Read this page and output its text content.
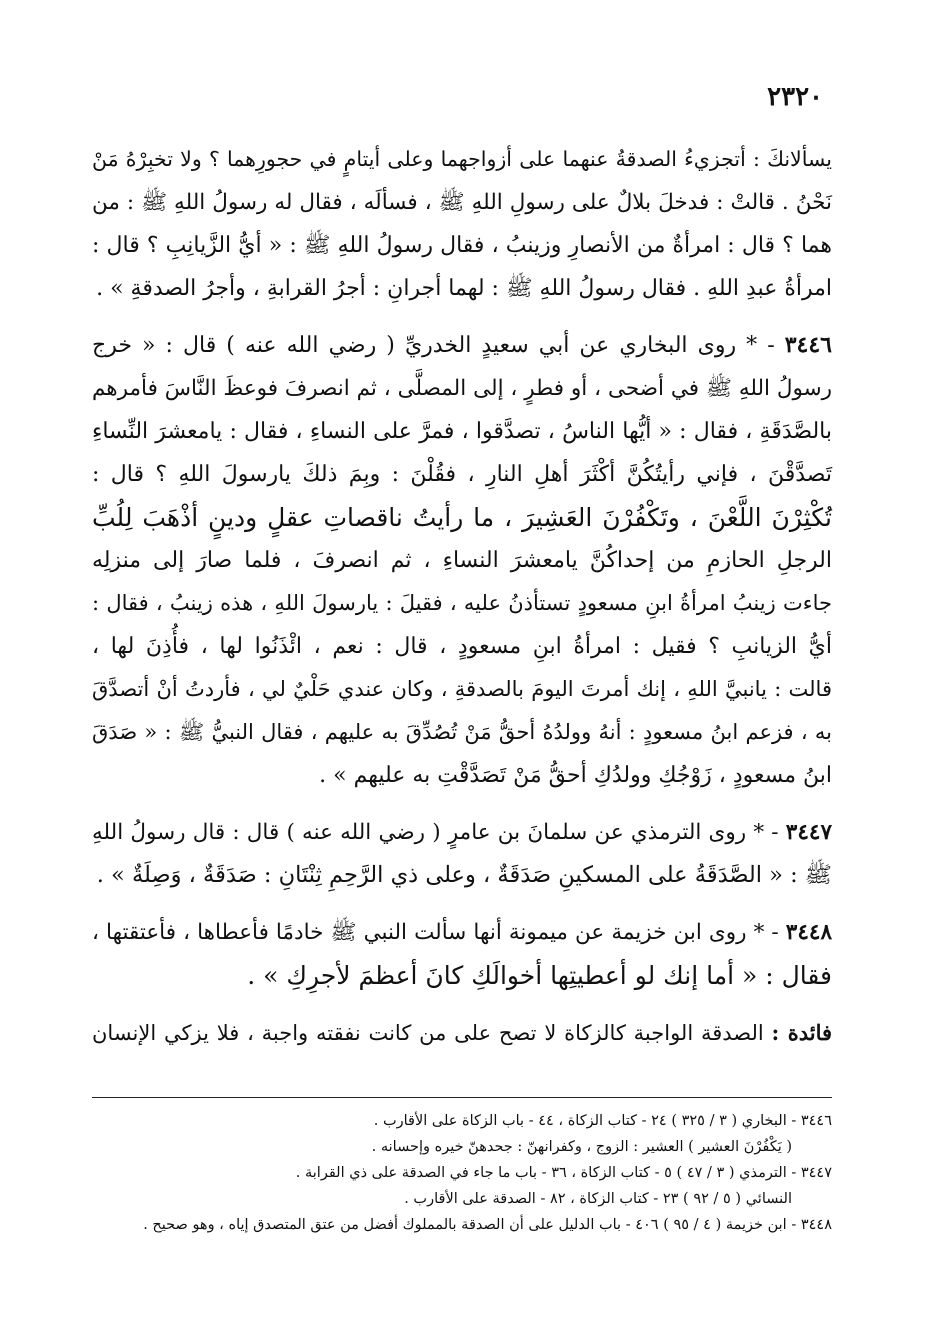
٢٣٢٠
يسألانكَ : أتجزيءُ الصدقةُ عنهما على أزواجهما وعلى أيتامٍ في حجورِهما ؟ ولا تخبِرْهُ مَنْ
نَحْنُ . قالتْ : فدخلَ بلالٌ على رسولِ اللهِ ﷺ ، فسألَه ، فقال له رسولُ اللهِ ﷺ : من
هما ؟ قال : امرأةٌ من الأنصارِ وزينبُ ، فقال رسولُ اللهِ ﷺ : « أيُّ الزَّيانِبِ ؟ قال :
امرأةُ عبدِ اللهِ . فقال رسولُ اللهِ ﷺ : لهما أجرانِ : أجرُ القرابةِ ، وأجرُ الصدقةِ » .
٣٤٤٦ - * روى البخاري عن أبي سعيدٍ الخدريِّ ( رضي الله عنه ) قال : « خرج
رسولُ اللهِ ﷺ في أضحى ، أو فطرٍ ، إلى المصلَّى ، ثم انصرفَ فوعظَ النَّاسَ فأمرهم
بالصَّدَقَةِ ، فقال : « أيُّها الناسُ ، تصدَّقوا ، فمرَّ على النساءِ ، فقال : يامعشرَ النِّساءِ
تَصدَّقْنَ ، فإني رأيتُكُنَّ أكْثَرَ أهلِ النارِ ، فقُلْنَ : وبِمَ ذلكَ يارسولَ اللهِ ؟ قال :
تُكْثِرْنَ اللَّعْنَ ، وتَكْفُرْنَ العَشِيرَ ، ما رأيتُ ناقصاتِ عقلٍ ودينٍ أذْهَبَ لِلُبِّ
الرجلِ الحازمِ من إحداكُنَّ يامعشرَ النساءِ ، ثم انصرفَ ، فلما صارَ إلى منزلِه
جاءت زينبُ امرأةُ ابنِ مسعودٍ تستأذنُ عليه ، فقيلَ : يارسولَ اللهِ ، هذه زينبُ ، فقال :
أيُّ الزيانبِ ؟ فقيل : امرأةُ ابنِ مسعودٍ ، قال : نعم ، ائْذَنُوا لها ، فأُذِنَ لها ،
قالت : يانبيَّ اللهِ ، إنك أمرتَ اليومَ بالصدقةِ ، وكان عندي حَلْيٌ لي ، فأردتُ أنْ أتصدَّقَ
به ، فزعم ابنُ مسعودٍ : أنهُ وولدُهُ أحقُّ مَنْ تُصُدِّقَ به عليهم ، فقال النبيُّ ﷺ : « صَدَقَ
ابنُ مسعودٍ ، زَوْجُكِ وولدُكِ أحقُّ مَنْ تَصَدَّقْتِ به عليهم » .
٣٤٤٧ - * روى الترمذي عن سلمانَ بن عامرٍ ( رضي الله عنه ) قال : قال رسولُ اللهِ
ﷺ : « الصَّدَقَةُ على المسكينِ صَدَقَةٌ ، وعلى ذي الرَّحِمِ ثِنْتَانِ : صَدَقَةٌ ، وَصِلَةٌ » .
٣٤٤٨ - * روى ابن خزيمة عن ميمونة أنها سألت النبي ﷺ خادمًا فأعطاها ، فأعتقتها ،
فقال : « أما إنك لو أعطيتِها أخوالَكِ كانَ أعظمَ لأجرِكِ » .
فائدة : الصدقة الواجبة كالزكاة لا تصح على من كانت نفقته واجبة ، فلا يزكي الإنسان
٣٤٤٦ - البخاري ( ٣ / ٣٢٥ ) ٢٤ - كتاب الزكاة ، ٤٤ - باب الزكاة على الأقارب .
( يَكْفُرْنَ العشير ) العشير : الزوج ، وكفرانهنّ : جحدهنّ خيره وإحسانه .
٣٤٤٧ - الترمذي ( ٣ / ٤٧ ) ٥ - كتاب الزكاة ، ٣٦ - باب ما جاء في الصدقة على ذي القرابة .
النسائي ( ٥ / ٩٢ ) ٢٣ - كتاب الزكاة ، ٨٢ - الصدقة على الأقارب .
٣٤٤٨ - ابن خزيمة ( ٤ / ٩٥ ) ٤٠٦ - باب الدليل على أن الصدقة بالمملوك أفضل من عتق المتصدق إياه ، وهو صحيح .
